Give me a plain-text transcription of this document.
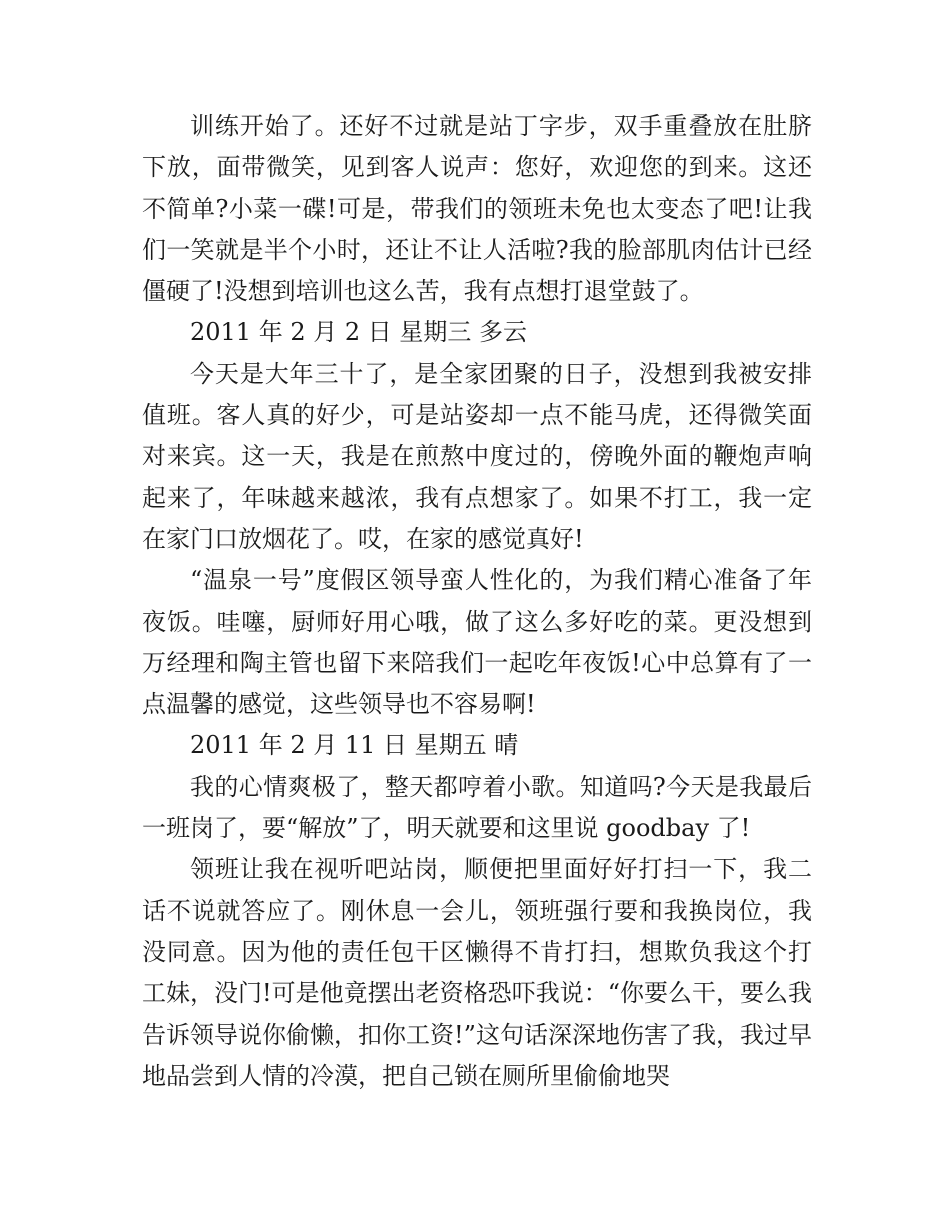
训练开始了。还好不过就是站丁字步，双手重叠放在肚脐下放，面带微笑，见到客人说声：您好，欢迎您的到来。这还不简单?小菜一碟!可是，带我们的领班未免也太变态了吧!让我们一笑就是半个小时，还让不让人活啦?我的脸部肌肉估计已经僵硬了!没想到培训也这么苦，我有点想打退堂鼓了。

2011 年 2 月 2 日 星期三 多云

今天是大年三十了，是全家团聚的日子，没想到我被安排值班。客人真的好少，可是站姿却一点不能马虎，还得微笑面对来宾。这一天，我是在煎熬中度过的，傍晚外面的鞭炮声响起来了，年味越来越浓，我有点想家了。如果不打工，我一定在家门口放烟花了。哎，在家的感觉真好!

“温泉一号”度假区领导蛮人性化的，为我们精心准备了年夜饭。哇噻，厨师好用心哦，做了这么多好吃的菜。更没想到万经理和陶主管也留下来陪我们一起吃年夜饭!心中总算有了一点温馨的感觉，这些领导也不容易啊!

2011 年 2 月 11 日 星期五 晴

我的心情爽极了，整天都哼着小歌。知道吗?今天是我最后一班岗了，要“解放”了，明天就要和这里说 goodbay 了!

领班让我在视听吧站岗，顺便把里面好好打扫一下，我二话不说就答应了。刚休息一会儿，领班强行要和我换岗位，我没同意。因为他的责任包干区懒得不肯打扫，想欺负我这个打工妹，没门!可是他竟摆出老资格恐吓我说：“你要么干，要么我告诉领导说你偷懒，扣你工资!”这句话深深地伤害了我，我过早地品尝到人情的冷漠，把自己锁在厕所里偷偷地哭
